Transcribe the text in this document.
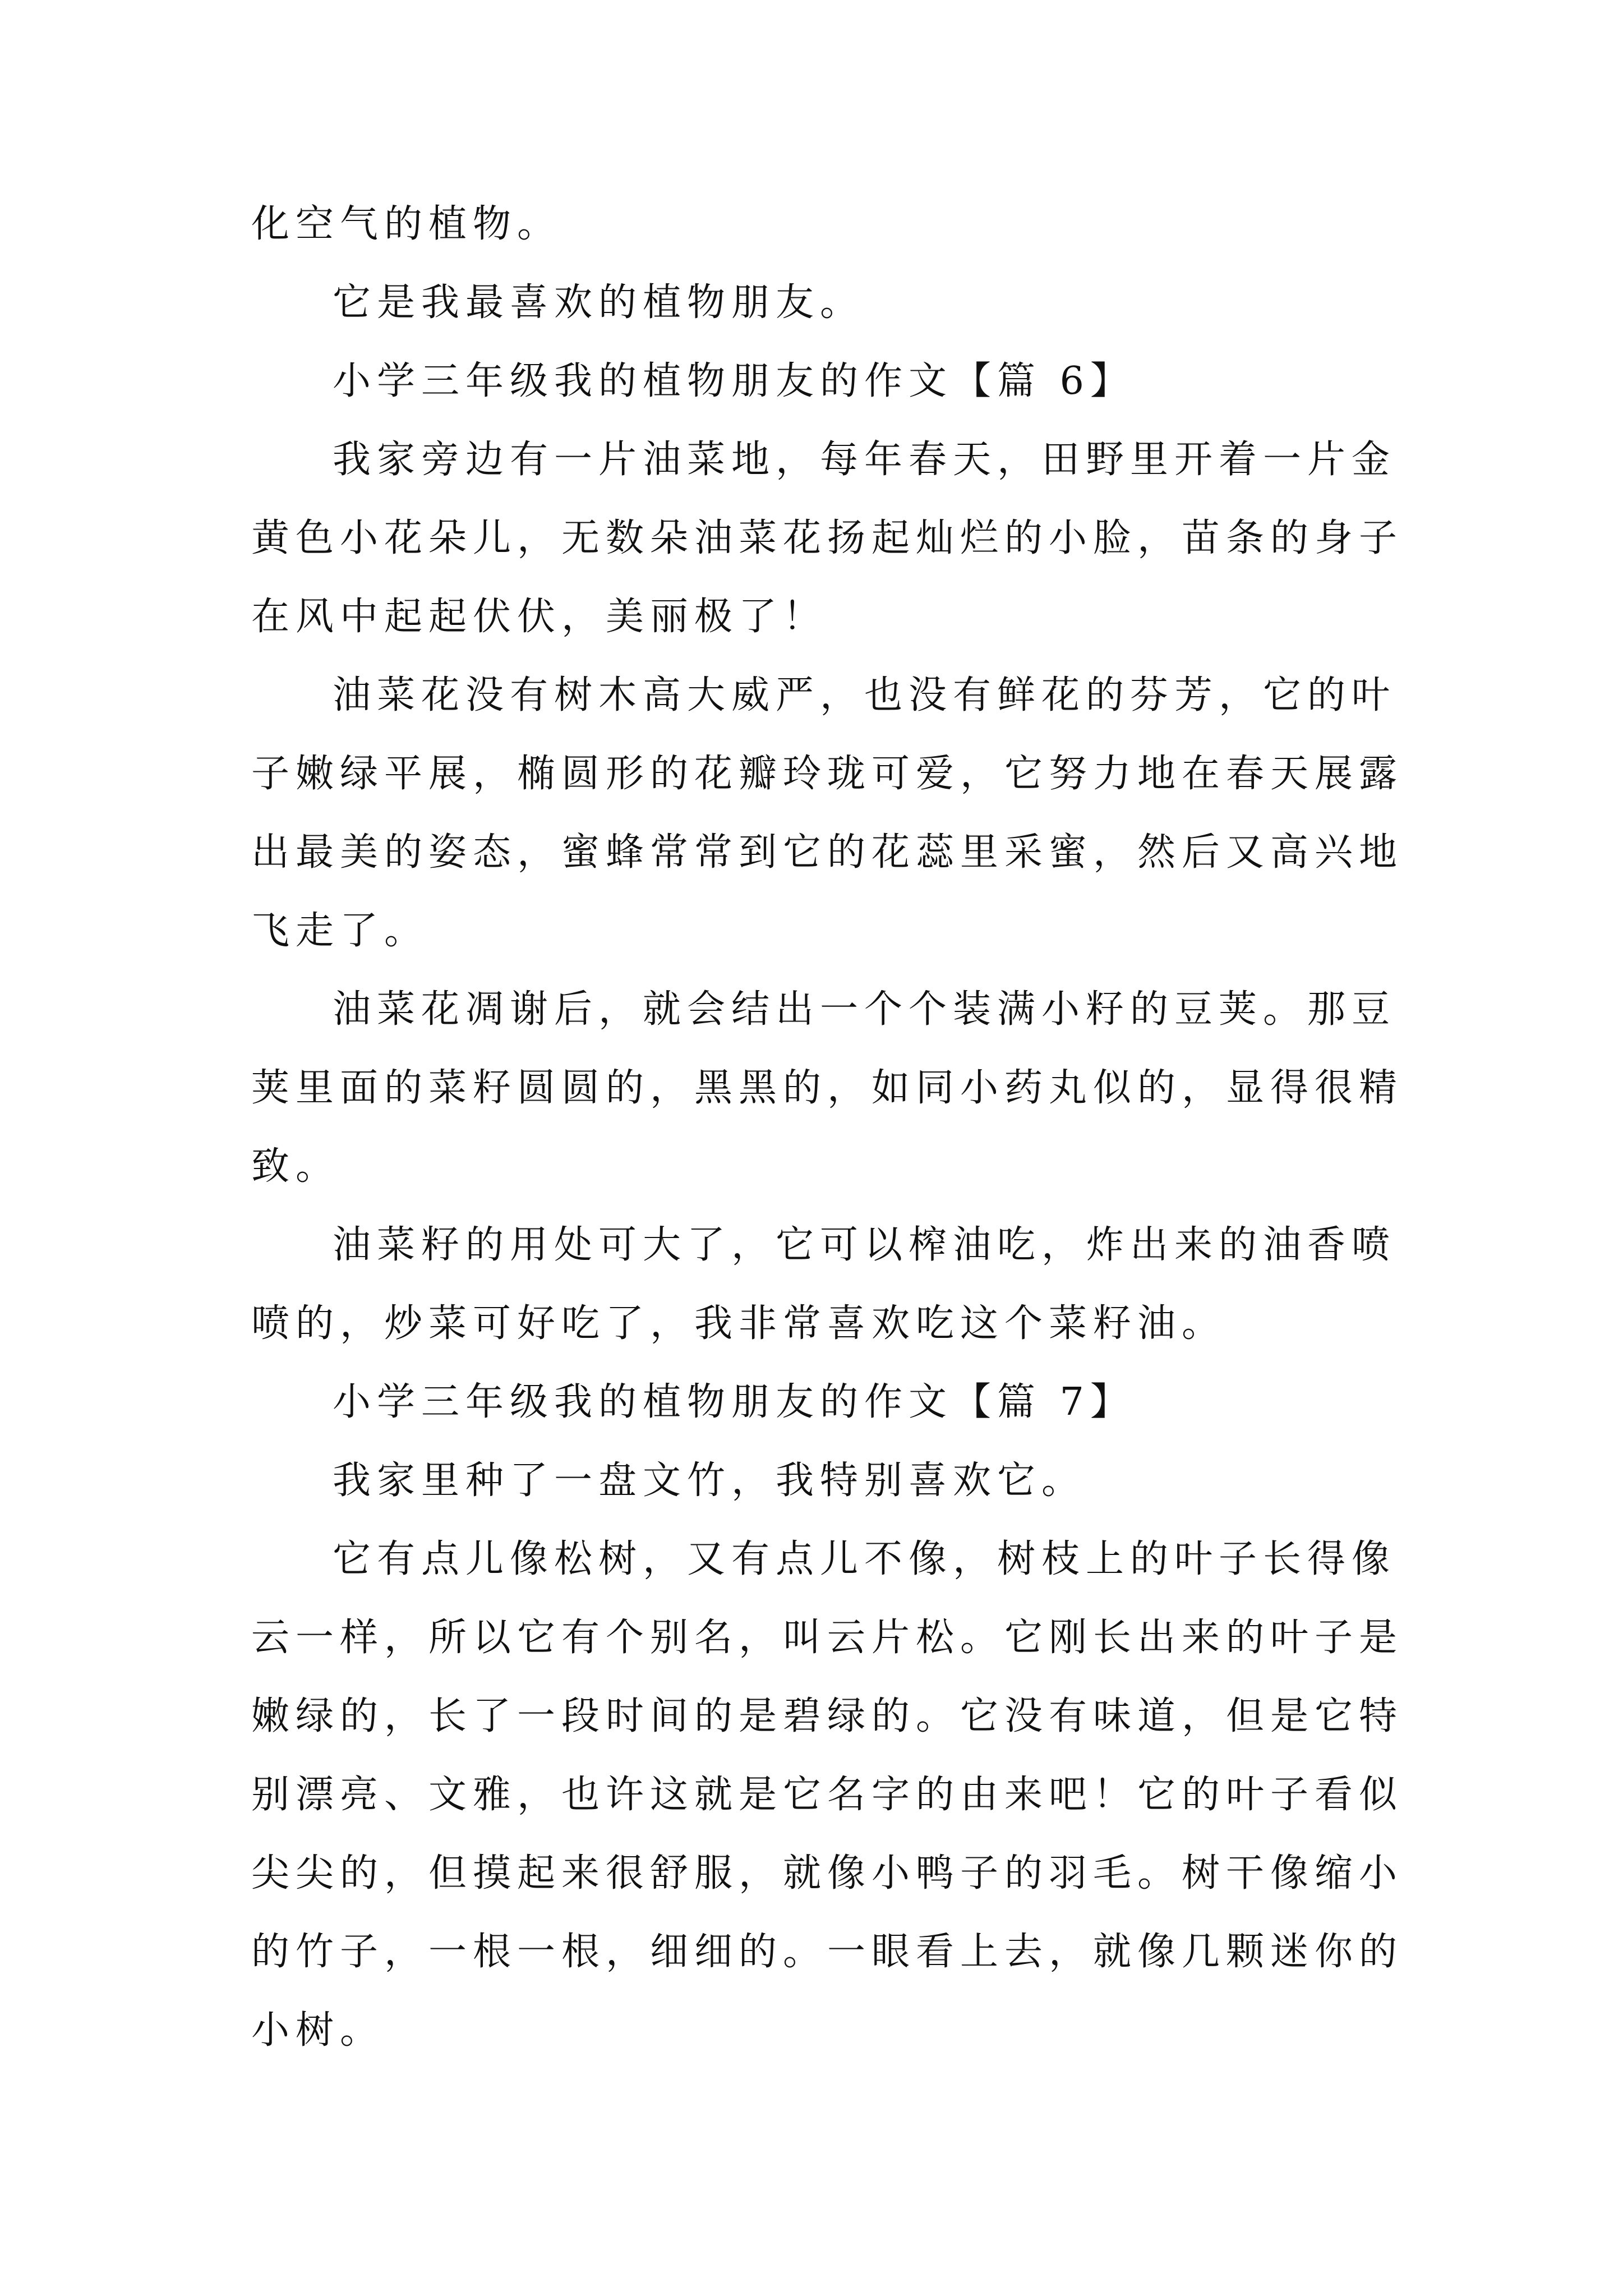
化空气的植物。
它是我最喜欢的植物朋友。
小学三年级我的植物朋友的作文【篇 6】
我家旁边有一片油菜地，每年春天，田野里开着一片金
黄色小花朵儿，无数朵油菜花扬起灿烂的小脸，苗条的身子
在风中起起伏伏，美丽极了！
油菜花没有树木高大威严，也没有鲜花的芬芳，它的叶
子嫩绿平展，椭圆形的花瓣玲珑可爱，它努力地在春天展露
出最美的姿态，蜜蜂常常到它的花蕊里采蜜，然后又高兴地
飞走了。
油菜花凋谢后，就会结出一个个装满小籽的豆荚。那豆
荚里面的菜籽圆圆的，黑黑的，如同小药丸似的，显得很精
致。
油菜籽的用处可大了，它可以榨油吃，炸出来的油香喷
喷的，炒菜可好吃了，我非常喜欢吃这个菜籽油。
小学三年级我的植物朋友的作文【篇 7】
我家里种了一盘文竹，我特别喜欢它。
它有点儿像松树，又有点儿不像，树枝上的叶子长得像
云一样，所以它有个别名，叫云片松。它刚长出来的叶子是
嫩绿的，长了一段时间的是碧绿的。它没有味道，但是它特
别漂亮、文雅，也许这就是它名字的由来吧！它的叶子看似
尖尖的，但摸起来很舒服，就像小鸭子的羽毛。树干像缩小
的竹子，一根一根，细细的。一眼看上去，就像几颗迷你的
小树。
